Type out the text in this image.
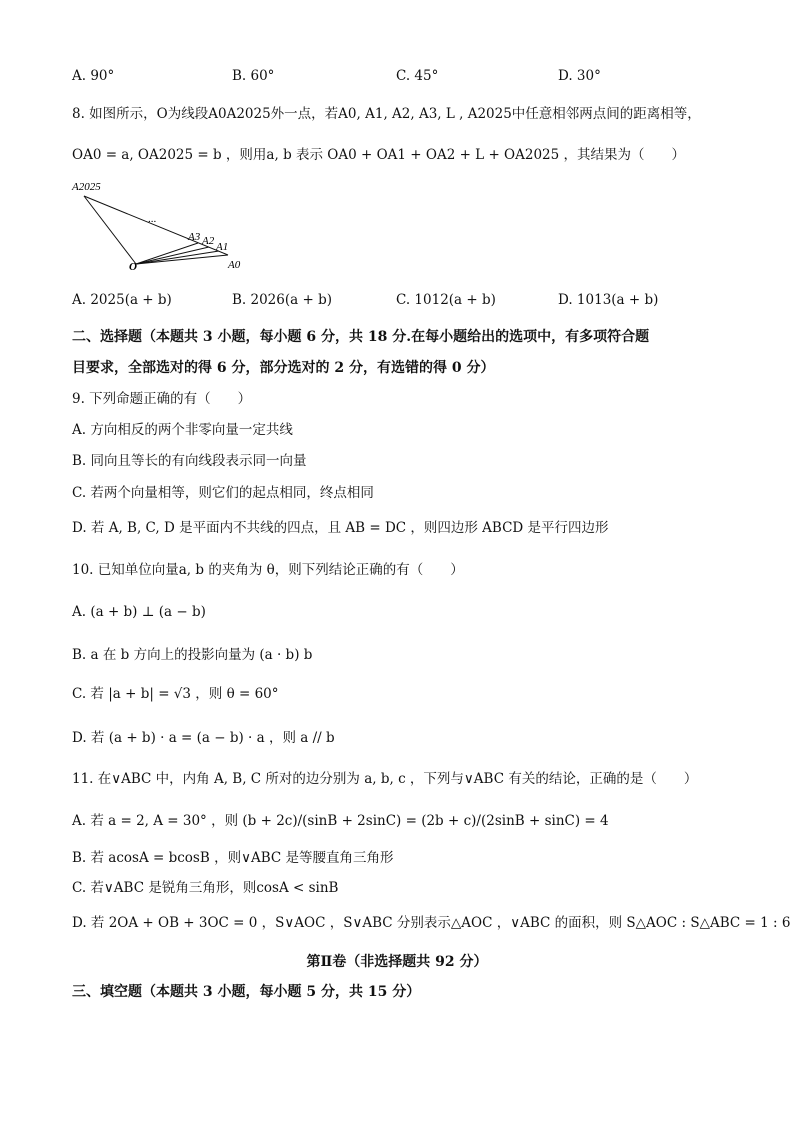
A. 90°	B. 60°	C. 45°	D. 30°
8. 如图所示，O为线段A0A2025外一点，若A0, A1, A2, A3, L , A2025中任意相邻两点间的距离相等，
OA0 = a, OA2025 = b ，则用a, b 表示 OA0 + OA1 + OA2 + L + OA2025 ，其结果为（　　）
A2025
...
A3 A2 A1
A0
O
A. 2025(a + b)	B. 2026(a + b)	C. 1012(a + b)	D. 1013(a + b)
二、选择题（本题共 3 小题，每小题 6 分，共 18 分.在每小题给出的选项中，有多项符合题
目要求，全部选对的得 6 分，部分选对的 2 分，有选错的得 0 分）
9. 下列命题正确的有（　　）
A. 方向相反的两个非零向量一定共线
B. 同向且等长的有向线段表示同一向量
C. 若两个向量相等，则它们的起点相同，终点相同
D. 若 A, B, C, D 是平面内不共线的四点，且 AB = DC ，则四边形 ABCD 是平行四边形
10. 已知单位向量a, b 的夹角为 θ，则下列结论正确的有（　　）
A. (a + b) ⊥ (a − b)
B. a 在 b 方向上的投影向量为 (a · b) b
C. 若 |a + b| = √3 ，则 θ = 60°
D. 若 (a + b) · a = (a − b) · a ，则 a // b
11. 在∨ABC 中，内角 A, B, C 所对的边分别为 a, b, c ，下列与∨ABC 有关的结论，正确的是（　　）
A. 若 a = 2, A = 30° ，则 (b + 2c)/(sinB + 2sinC) = (2b + c)/(2sinB + sinC) = 4
B. 若 acosA = bcosB ，则∨ABC 是等腰直角三角形
C. 若∨ABC 是锐角三角形，则cosA < sinB
D. 若 2OA + OB + 3OC = 0 ，S∨AOC ，S∨ABC 分别表示△AOC ，∨ABC 的面积，则 S△AOC : S△ABC = 1 : 6
第Ⅱ卷（非选择题共 92 分）
三、填空题（本题共 3 小题，每小题 5 分，共 15 分）
